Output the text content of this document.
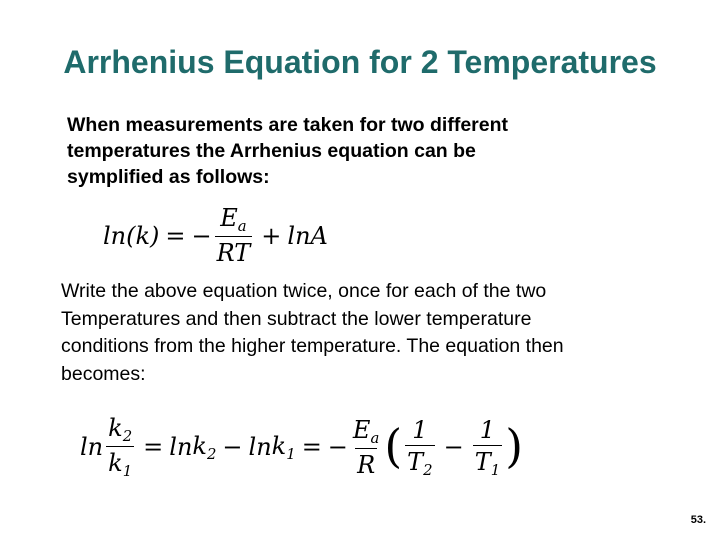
Arrhenius Equation for 2 Temperatures
When measurements are taken for two different
temperatures the Arrhenius equation can be
symplified as follows:
ln(k) = − $\frac{E_a}{RT} + \ln A$
Write the above equation twice, once for each of the two
Temperatures and then subtract the lower temperature
conditions from the higher temperature. The equation then
becomes:
$\ln \frac{k_2}{k_1} = \ln k_2 - \ln k_1$ = − $\frac{E_a}{R}$ ( $\frac{1}{T_2} - \frac{1}{T_1}$ )
53.
